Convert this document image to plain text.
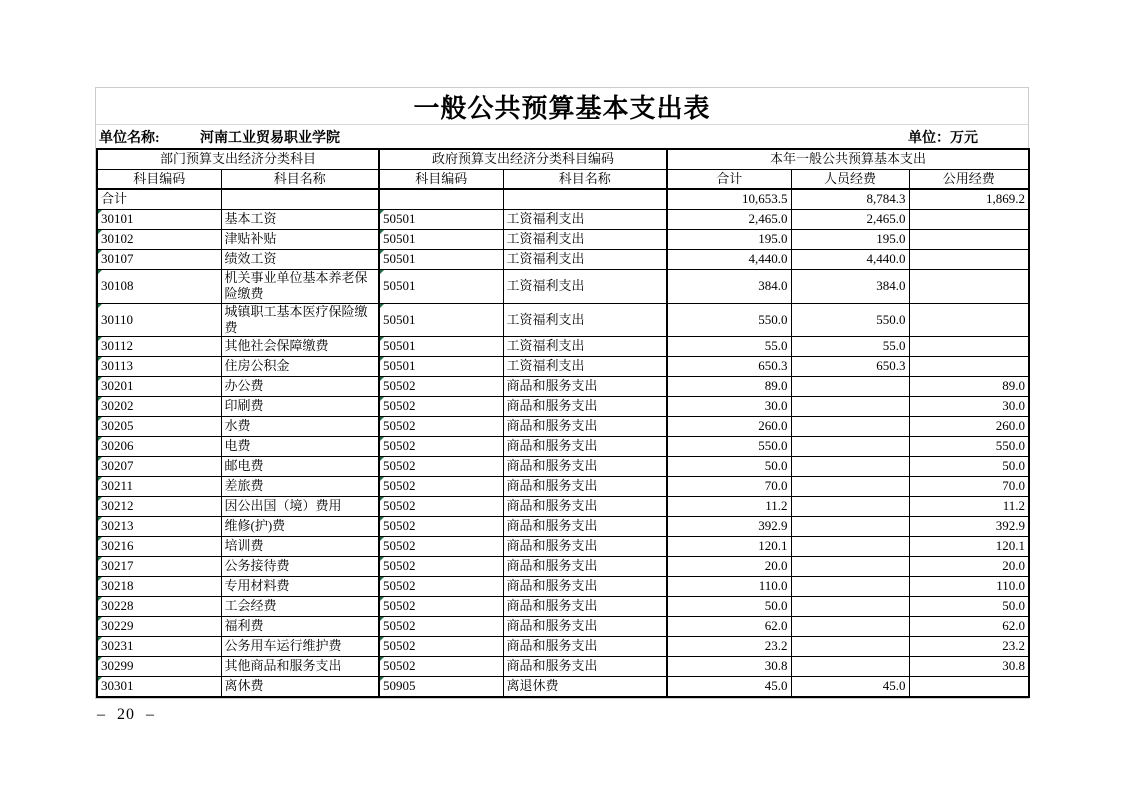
一般公共预算基本支出表
单位名称:	河南工业贸易职业学院	单位：万元
部门预算支出经济分类科目		政府预算支出经济分类科目编码		本年一般公共预算基本支出		
科目编码	科目名称	科目编码	科目名称	合计	人员经费	公用经费
合计				10,653.5	8,784.3	1,869.2

30101	基本工资	50501	工资福利支出	2,465.0	2,465.0	

30102	津贴补贴	50501	工资福利支出	195.0	195.0	

30107	绩效工资	50501	工资福利支出	4,440.0	4,440.0	

30108	机关事业单位基本养老保险缴费	50501	工资福利支出	384.0	384.0	

30110	城镇职工基本医疗保险缴费	50501	工资福利支出	550.0	550.0	

30112	其他社会保障缴费	50501	工资福利支出	55.0	55.0	

30113	住房公积金	50501	工资福利支出	650.3	650.3	

30201	办公费	50502	商品和服务支出	89.0		89.0

30202	印刷费	50502	商品和服务支出	30.0		30.0

30205	水费	50502	商品和服务支出	260.0		260.0

30206	电费	50502	商品和服务支出	550.0		550.0

30207	邮电费	50502	商品和服务支出	50.0		50.0

30211	差旅费	50502	商品和服务支出	70.0		70.0

30212	因公出国（境）费用	50502	商品和服务支出	11.2		11.2

30213	维修(护)费	50502	商品和服务支出	392.9		392.9

30216	培训费	50502	商品和服务支出	120.1		120.1

30217	公务接待费	50502	商品和服务支出	20.0		20.0

30218	专用材料费	50502	商品和服务支出	110.0		110.0

30228	工会经费	50502	商品和服务支出	50.0		50.0

30229	福利费	50502	商品和服务支出	62.0		62.0

30231	公务用车运行维护费	50502	商品和服务支出	23.2		23.2

30299	其他商品和服务支出	50502	商品和服务支出	30.8		30.8

30301	离休费	50905	离退休费	45.0	45.0	
– 20 –
